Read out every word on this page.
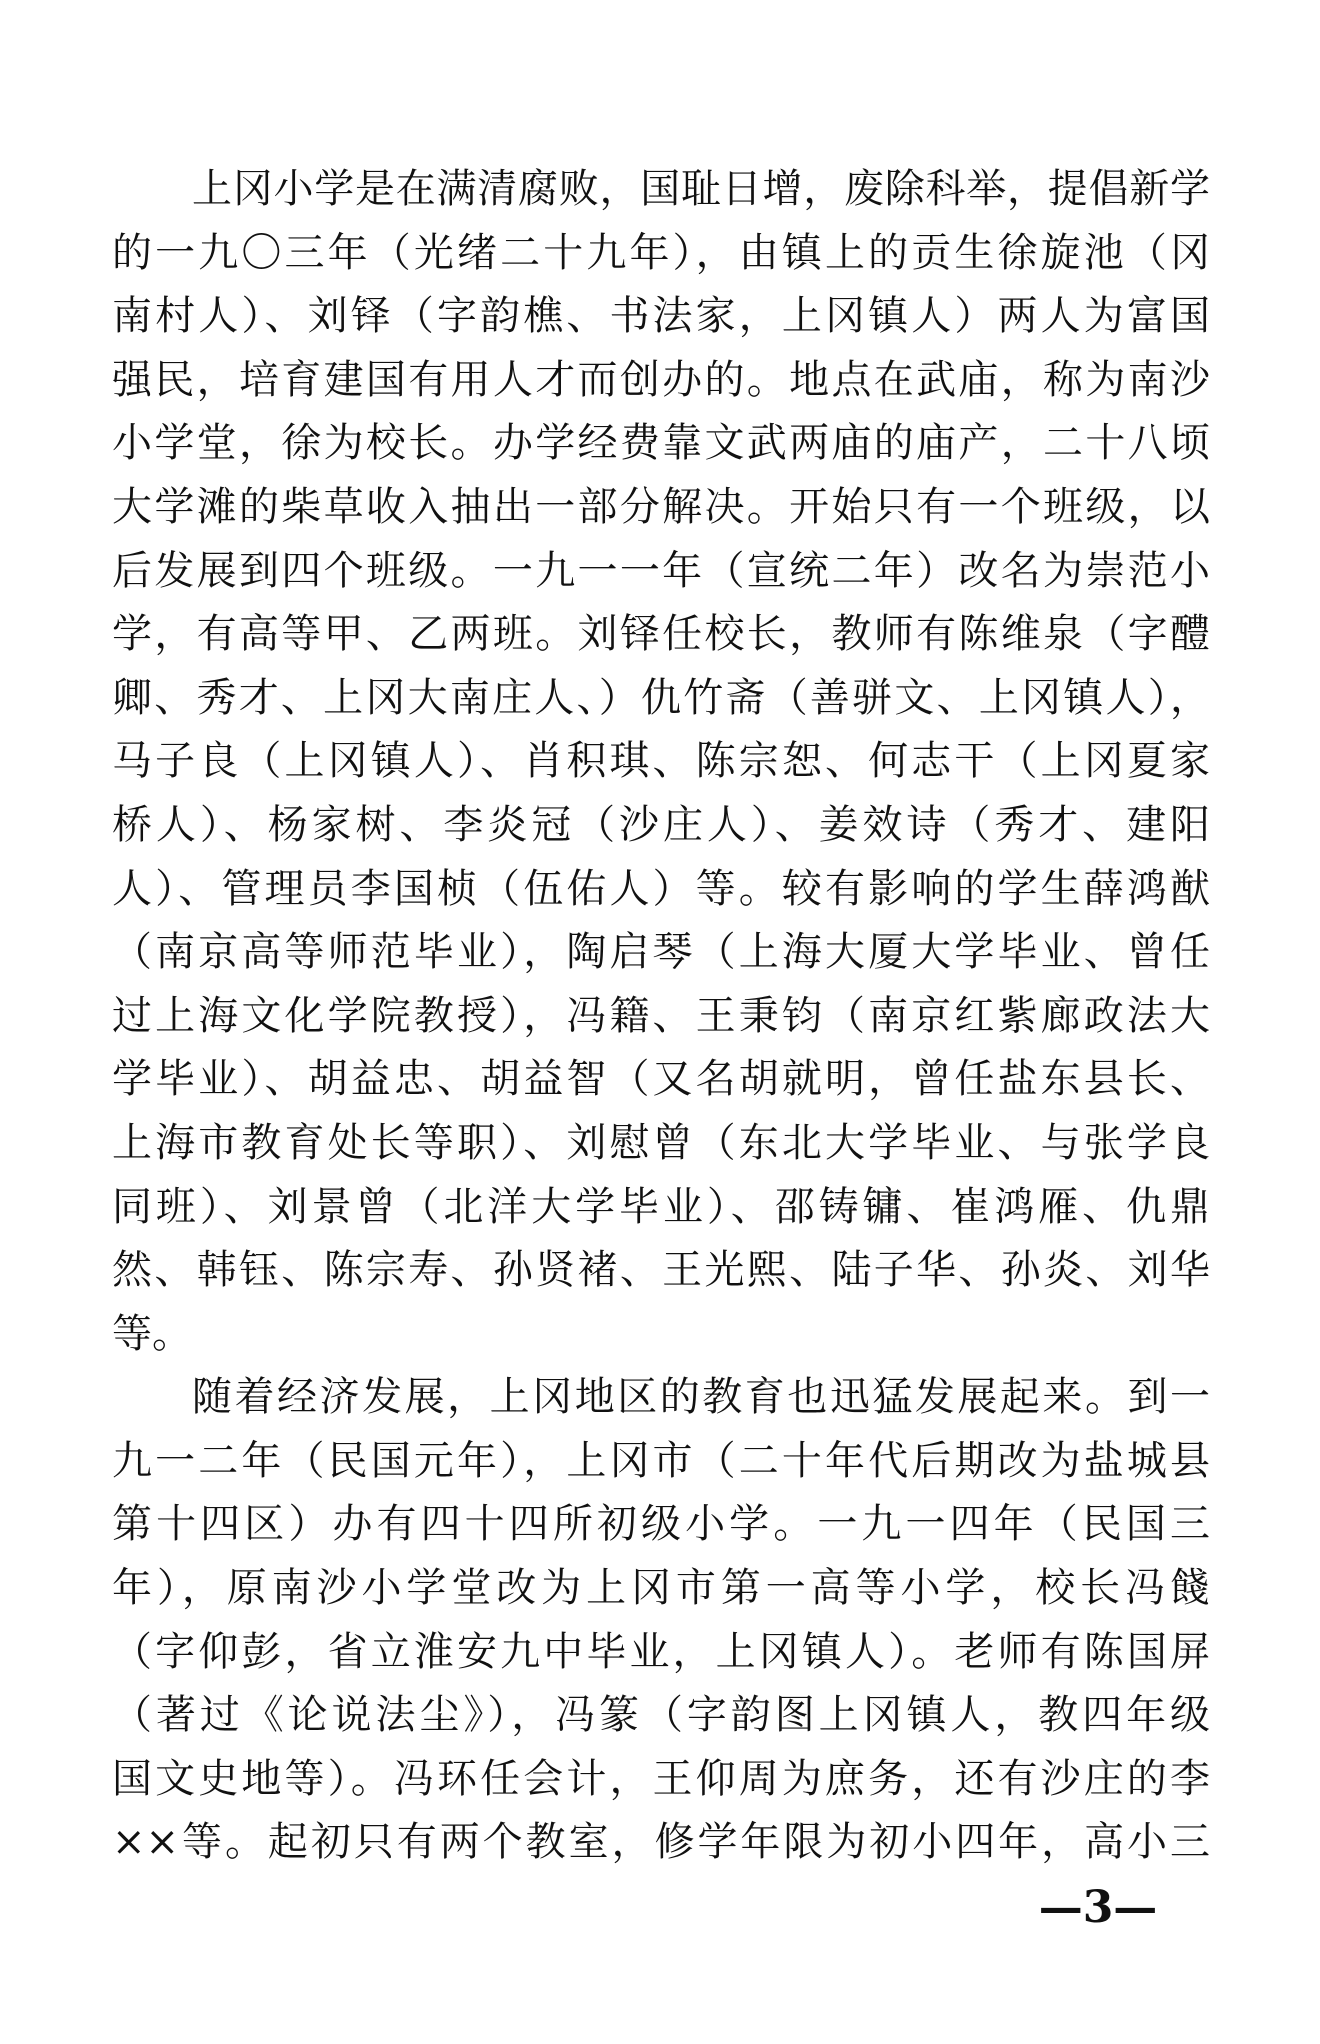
上冈小学是在满清腐败，国耻日增，废除科举，提倡新学
的一九〇三年（光绪二十九年），由镇上的贡生徐旋池（冈
南村人）、刘铎（字韵樵、书法家，上冈镇人）两人为富国
强民，培育建国有用人才而创办的。地点在武庙，称为南沙
小学堂，徐为校长。办学经费靠文武两庙的庙产，二十八顷
大学滩的柴草收入抽出一部分解决。开始只有一个班级，以
后发展到四个班级。一九一一年（宣统二年）改名为崇范小
学，有高等甲、乙两班。刘铎任校长，教师有陈维泉（字醴
卿、秀才、上冈大南庄人、）仇竹斋（善骈文、上冈镇人），
马子良（上冈镇人）、肖积琪、陈宗恕、何志干（上冈夏家
桥人）、杨家树、李炎冠（沙庄人）、姜效诗（秀才、建阳
人）、管理员李国桢（伍佑人）等。较有影响的学生薛鸿猷
（南京高等师范毕业），陶启琴（上海大厦大学毕业、曾任
过上海文化学院教授），冯籍、王秉钧（南京红紫廊政法大
学毕业）、胡益忠、胡益智（又名胡就明，曾任盐东县长、
上海市教育处长等职）、刘慰曾（东北大学毕业、与张学良
同班）、刘景曾（北洋大学毕业）、邵铸镛、崔鸿雁、仇鼎
然、韩钰、陈宗寿、孙贤褚、王光熙、陆子华、孙炎、刘华
等。
随着经济发展，上冈地区的教育也迅猛发展起来。到一
九一二年（民国元年），上冈市（二十年代后期改为盐城县
第十四区）办有四十四所初级小学。一九一四年（民国三
年），原南沙小学堂改为上冈市第一高等小学，校长冯餞
（字仰彭，省立淮安九中毕业，上冈镇人）。老师有陈国屏
（著过《论说法尘》），冯篆（字韵图上冈镇人，教四年级
国文史地等）。冯环任会计，王仰周为庶务，还有沙庄的李
××等。起初只有两个教室，修学年限为初小四年，高小三
—3—
